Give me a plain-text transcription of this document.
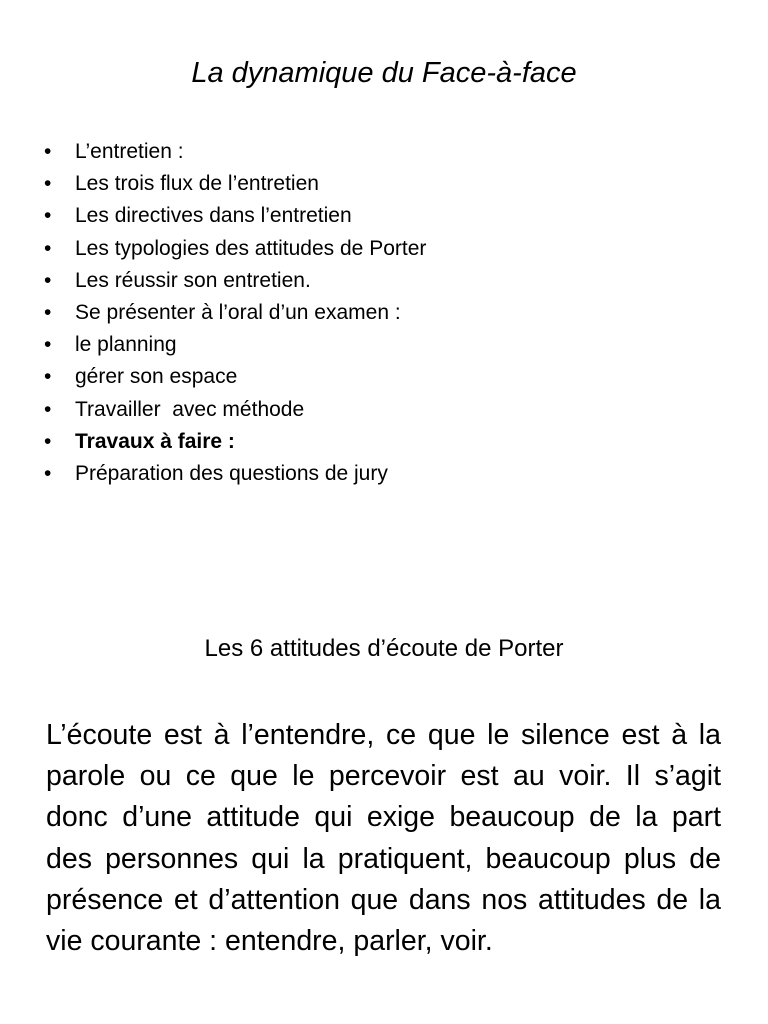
La dynamique du Face-à-face
• L’entretien :
• Les trois flux de l’entretien
• Les directives dans l’entretien
• Les typologies des attitudes de Porter
• Les réussir son entretien.
• Se présenter à l’oral d’un examen :
• le planning
• gérer son espace
• Travailler  avec méthode
• Travaux à faire :
• Préparation des questions de jury
Les 6 attitudes d’écoute de Porter

L’écoute est à l’entendre, ce que le silence est à la parole ou ce que le percevoir est au voir. Il s’agit donc d’une attitude qui exige beaucoup de la part des personnes qui la pratiquent, beaucoup plus de présence et d’attention que dans nos attitudes de la vie courante : entendre, parler, voir.
